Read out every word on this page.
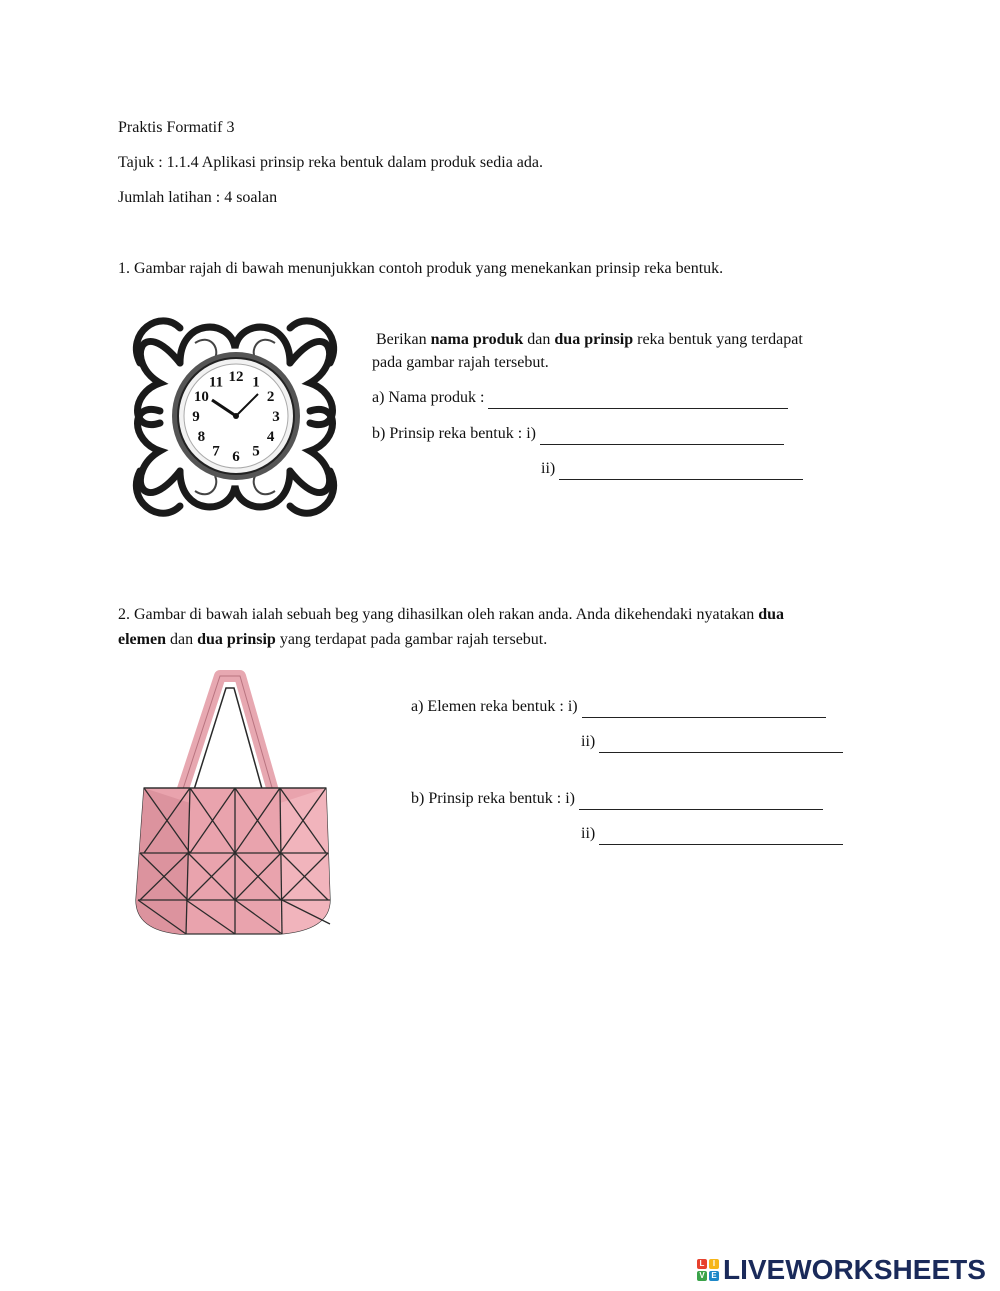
Praktis Formatif 3
Tajuk : 1.1.4 Aplikasi prinsip reka bentuk dalam produk sedia ada.
Jumlah latihan : 4 soalan
1. Gambar rajah di bawah menunjukkan contoh produk yang menekankan prinsip reka bentuk.
12 1
2
3
4
5
6
7
8
9
10
11
Berikan nama produk dan dua prinsip reka bentuk yang terdapat
pada gambar rajah tersebut.
a) Nama produk :
b) Prinsip reka bentuk : i)
ii)
2. Gambar di bawah ialah sebuah beg yang dihasilkan oleh rakan anda. Anda dikehendaki nyatakan dua
elemen dan dua prinsip yang terdapat pada gambar rajah tersebut.
a) Elemen reka bentuk : i)
ii)
b) Prinsip reka bentuk : i)
ii)
L	I
V E LIVEWORKSHEETS
